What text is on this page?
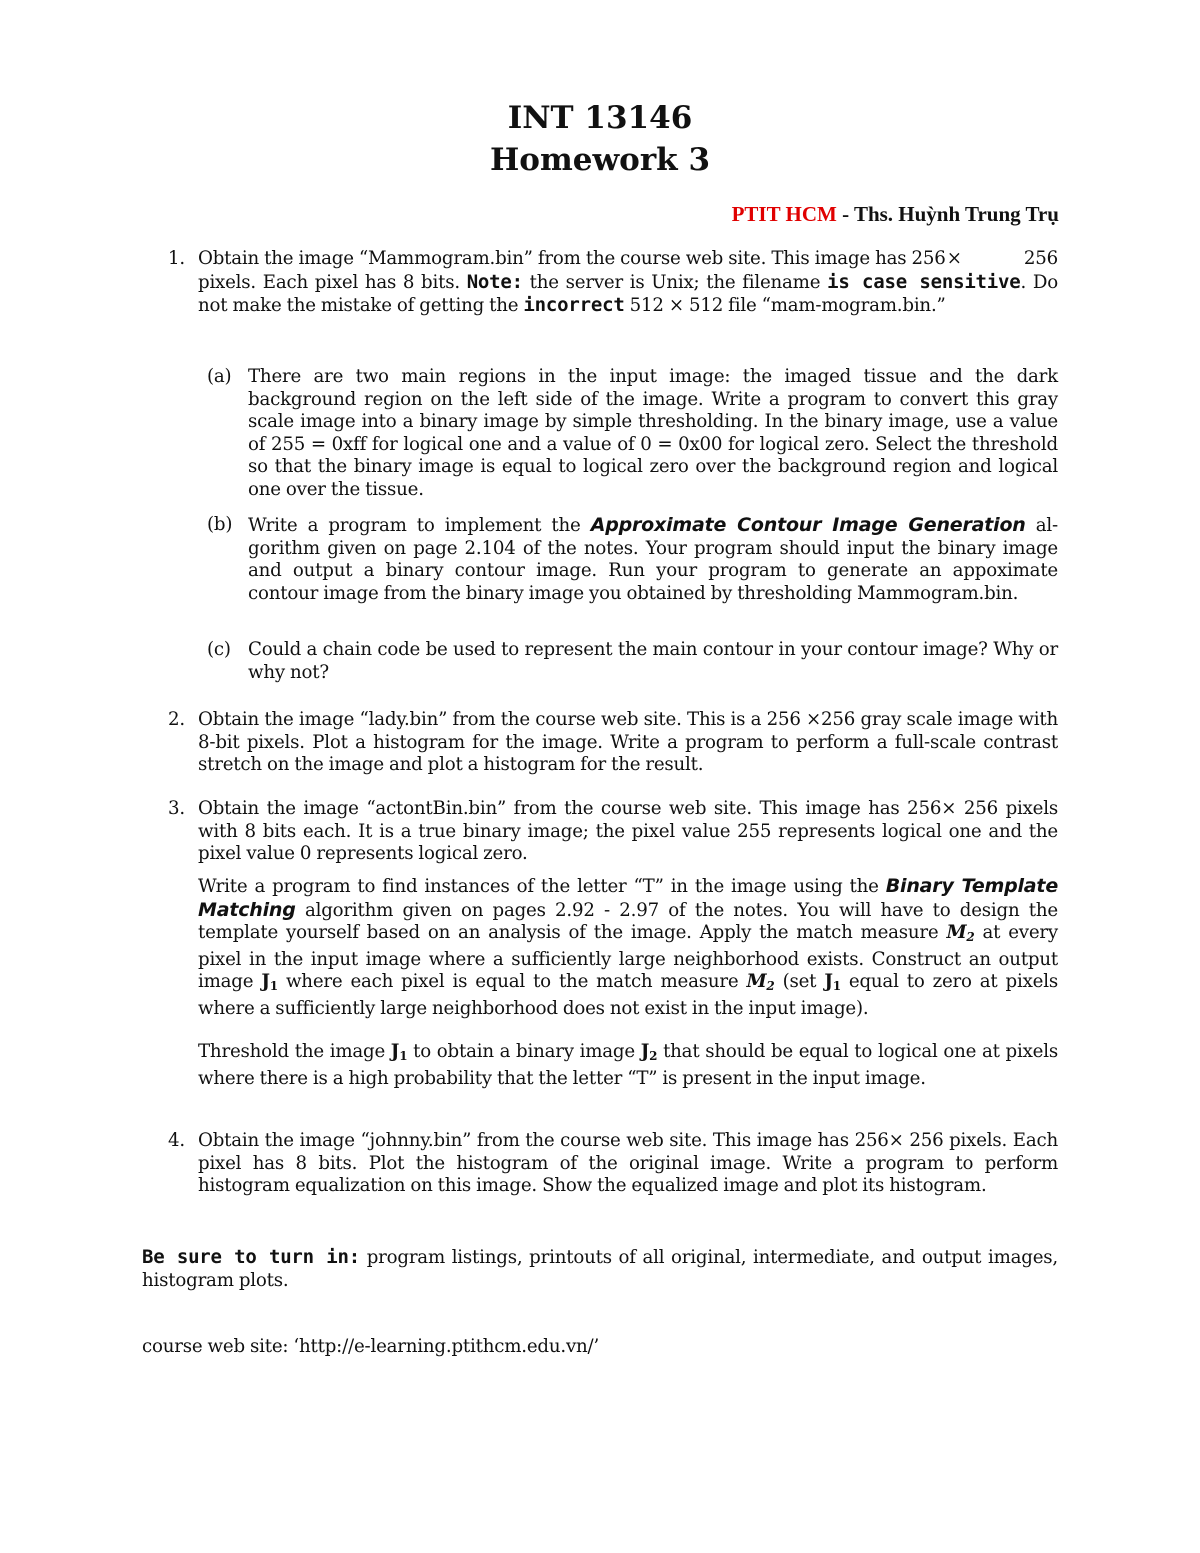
INT 13146
Homework 3
PTIT HCM - Ths. Huỳnh Trung Trụ
1. Obtain the image “Mammogram.bin” from the course web site. This image has 256 ×	256 pixels. Each pixel has 8 bits. Note: the server is Unix; the filename is case sensitive. Do not make the mistake of getting the incorrect 512 × 512 file “mam-mogram.bin.”
(a) There are two main regions in the input image: the imaged tissue and the dark background region on the left side of the image. Write a program to convert this gray scale image into a binary image by simple thresholding. In the binary image, use a value of 255 = 0xff for logical one and a value of 0 = 0x00 for logical zero. Select the threshold so that the binary image is equal to logical zero over the background region and logical one over the tissue.
(b) Write a program to implement the Approximate Contour Image Generation al- gorithm given on page 2.104 of the notes. Your program should input the binary image and output a binary contour image. Run your program to generate an appoximate contour image from the binary image you obtained by thresholding Mammogram.bin.
(c) Could a chain code be used to represent the main contour in your contour image? Why or why not?
2. Obtain the image “lady.bin” from the course web site. This is a 256 ×256 gray scale image with 8-bit pixels. Plot a histogram for the image. Write a program to perform a full-scale contrast stretch on the image and plot a histogram for the result.
3. Obtain the image “actontBin.bin” from the course web site. This image has 256× 256 pixels with 8 bits each. It is a true binary image; the pixel value 255 represents logical one and the pixel value 0 represents logical zero.
Write a program to find instances of the letter “T” in the image using the Binary Template Matching algorithm given on pages 2.92 - 2.97 of the notes. You will have to design the template yourself based on an analysis of the image. Apply the match measure $M_2$ at every pixel in the input image where a sufficiently large neighborhood exists. Construct an output image $J_1$ where each pixel is equal to the match measure $M_2$ (set $J_1$ equal to zero at pixels where a sufficiently large neighborhood does not exist in the input image).
Threshold the image $J_1$ to obtain a binary image $J_2$ that should be equal to logical one at pixels where there is a high probability that the letter “T” is present in the input image.
4. Obtain the image “johnny.bin” from the course web site. This image has 256× 256 pixels. Each pixel has 8 bits. Plot the histogram of the original image. Write a program to perform histogram equalization on this image. Show the equalized image and plot its histogram.
Be sure to turn in: program listings, printouts of all original, intermediate, and output images, histogram plots.
course web site: ‘http://e-learning.ptithcm.edu.vn/’
